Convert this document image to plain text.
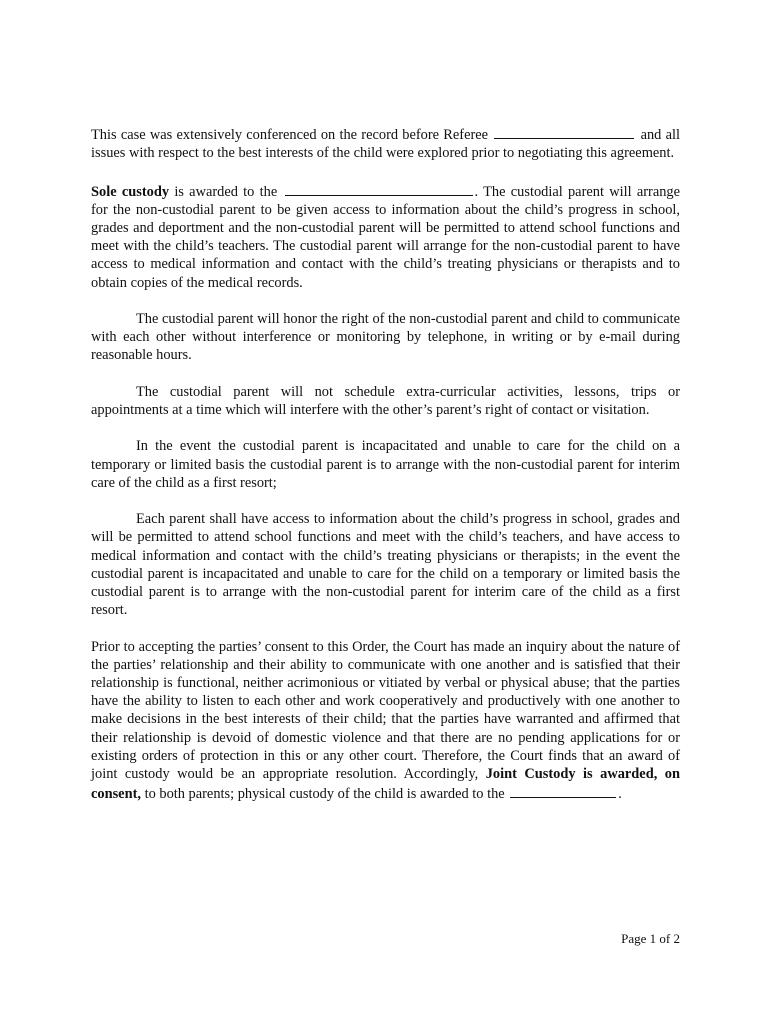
This case was extensively conferenced on the record before Referee	and all issues with respect to the best interests of the child were explored prior to negotiating this agreement.

Sole custody is awarded to the	. The custodial parent will arrange for the non-custodial parent to be given access to information about the child’s progress in school, grades and deportment and the non-custodial parent will be permitted to attend school functions and meet with the child’s teachers. The custodial parent will arrange for the non-custodial parent to have access to medical information and contact with the child’s treating physicians or therapists and to obtain copies of the medical records.

The custodial parent will honor the right of the non-custodial parent and child to communicate with each other without interference or monitoring by telephone, in writing or by e-mail during reasonable hours.

The custodial parent will not schedule extra-curricular activities, lessons, trips or appointments at a time which will interfere with the other’s parent’s right of contact or visitation.

In the event the custodial parent is incapacitated and unable to care for the child on a temporary or limited basis the custodial parent is to arrange with the non-custodial parent for interim care of the child as a first resort;

Each parent shall have access to information about the child’s progress in school, grades and will be permitted to attend school functions and meet with the child’s teachers, and have access to medical information and contact with the child’s treating physicians or therapists; in the event the custodial parent is incapacitated and unable to care for the child on a temporary or limited basis the custodial parent is to arrange with the non-custodial parent for interim care of the child as a first resort.

Prior to accepting the parties’ consent to this Order, the Court has made an inquiry about the nature of the parties’ relationship and their ability to communicate with one another and is satisfied that their relationship is functional, neither acrimonious or vitiated by verbal or physical abuse; that the parties have the ability to listen to each other and work cooperatively and productively with one another to make decisions in the best interests of their child; that the parties have warranted and affirmed that their relationship is devoid of domestic violence and that there are no pending applications for or existing orders of protection in this or any other court. Therefore, the Court finds that an award of joint custody would be an appropriate resolution. Accordingly, Joint Custody is awarded, on consent, to both parents; physical custody of the child is awarded to the	.

Page 1 of 2
